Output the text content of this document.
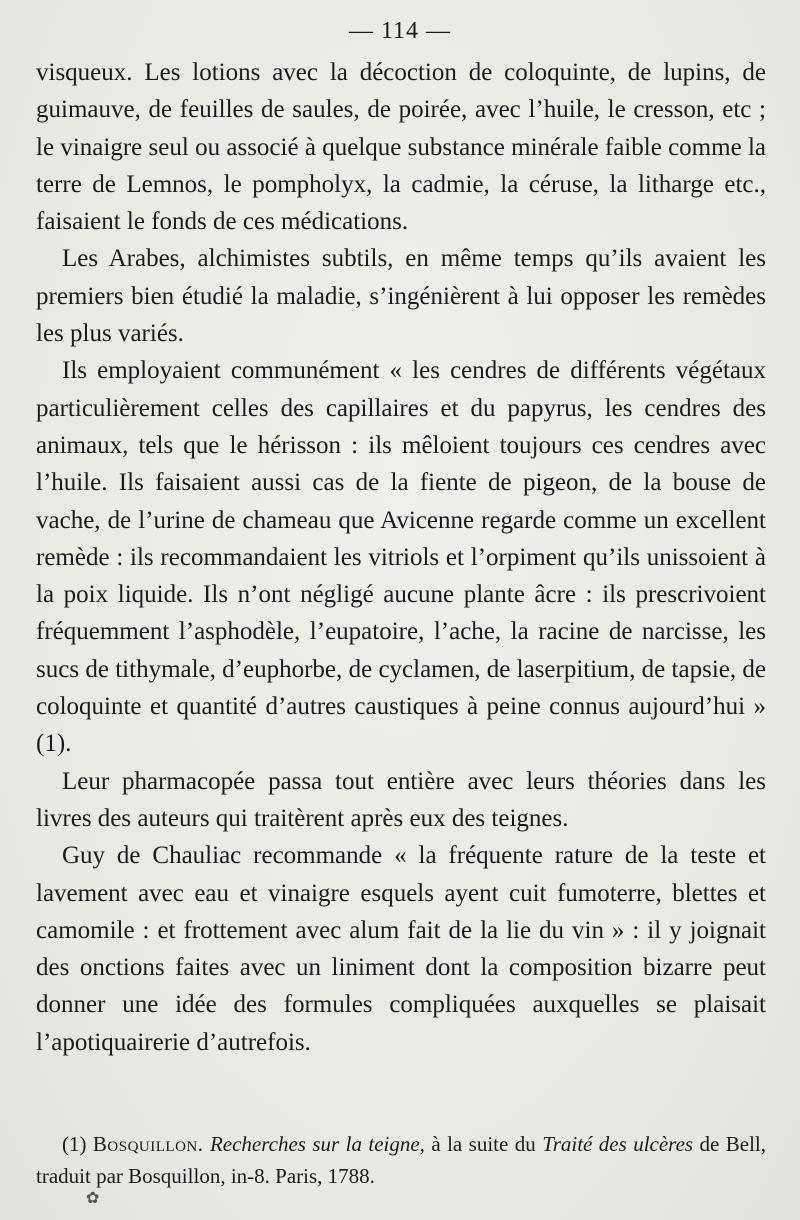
— 114 —

visqueux. Les lotions avec la décoction de coloquinte, de lupins, de guimauve, de feuilles de saules, de poirée, avec l’huile, le cresson, etc ; le vinaigre seul ou associé à quelque substance minérale faible comme la terre de Lemnos, le pompholyx, la cadmie, la céruse, la litharge etc., faisaient le fonds de ces médications.

Les Arabes, alchimistes subtils, en même temps qu’ils avaient les premiers bien étudié la maladie, s’ingénièrent à lui opposer les remèdes les plus variés.

Ils employaient communément « les cendres de différents végétaux particulièrement celles des capillaires et du papyrus, les cendres des animaux, tels que le hérisson : ils mêloient toujours ces cendres avec l’huile. Ils faisaient aussi cas de la fiente de pigeon, de la bouse de vache, de l’urine de chameau que Avicenne regarde comme un excellent remède : ils recommandaient les vitriols et l’orpiment qu’ils unissoient à la poix liquide. Ils n’ont négligé aucune plante âcre : ils prescrivoient fréquemment l’asphodèle, l’eupatoire, l’ache, la racine de narcisse, les sucs de tithymale, d’euphorbe, de cyclamen, de laserpitium, de tapsie, de coloquinte et quantité d’autres caustiques à peine connus aujourd’hui » (1).

Leur pharmacopée passa tout entière avec leurs théories dans les livres des auteurs qui traitèrent après eux des teignes.

Guy de Chauliac recommande « la fréquente rature de la teste et lavement avec eau et vinaigre esquels ayent cuit fumoterre, blettes et camomile : et frottement avec alum fait de la lie du vin » : il y joignait des onctions faites avec un liniment dont la composition bizarre peut donner une idée des formules compliquées auxquelles se plaisait l’apotiquairerie d’autrefois.

(1) Bosquillon. Recherches sur la teigne, à la suite du Traité des ulcères de Bell, traduit par Bosquillon, in-8. Paris, 1788.

✿
